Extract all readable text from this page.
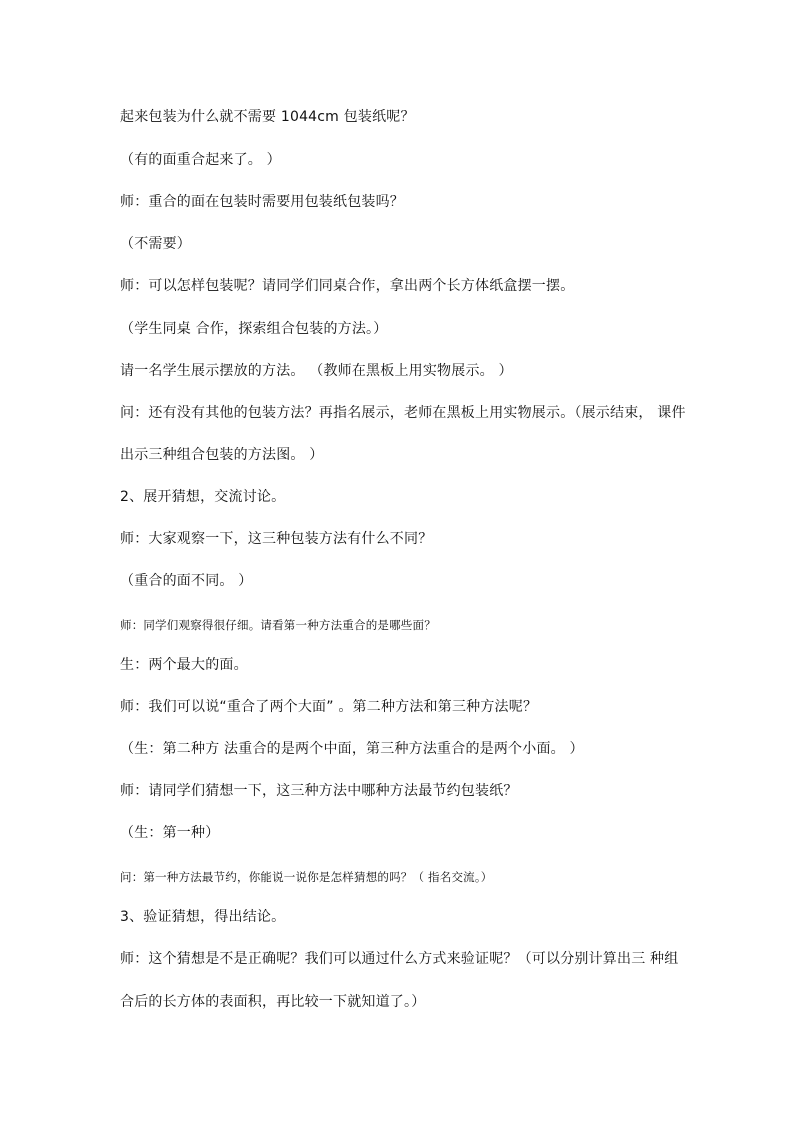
起来包装为什么就不需要 1044cm 包装纸呢？
（有的面重合起来了。 ）
师：重合的面在包装时需要用包装纸包装吗？
（不需要）
师：可以怎样包装呢？请同学们同桌合作，拿出两个长方体纸盒摆一摆。
（学生同桌 合作，探索组合包装的方法。）
请一名学生展示摆放的方法。 （教师在黑板上用实物展示。 ）
问：还有没有其他的包装方法？再指名展示，老师在黑板上用实物展示。（展示结束， 课件
出示三种组合包装的方法图。 ）
2、展开猜想，交流讨论。
师：大家观察一下，这三种包装方法有什么不同？
（重合的面不同。 ）
师：同学们观察得很仔细。请看第一种方法重合的是哪些面？
生：两个最大的面。
师：我们可以说“重合了两个大面” 。第二种方法和第三种方法呢？
（生：第二种方 法重合的是两个中面，第三种方法重合的是两个小面。 ）
师：请同学们猜想一下，这三种方法中哪种方法最节约包装纸？
（生：第一种）
问：第一种方法最节约，你能说一说你是怎样猜想的吗？（ 指名交流。）
3、验证猜想，得出结论。
师：这个猜想是不是正确呢？我们可以通过什么方式来验证呢？（可以分别计算出三 种组
合后的长方体的表面积，再比较一下就知道了。）
